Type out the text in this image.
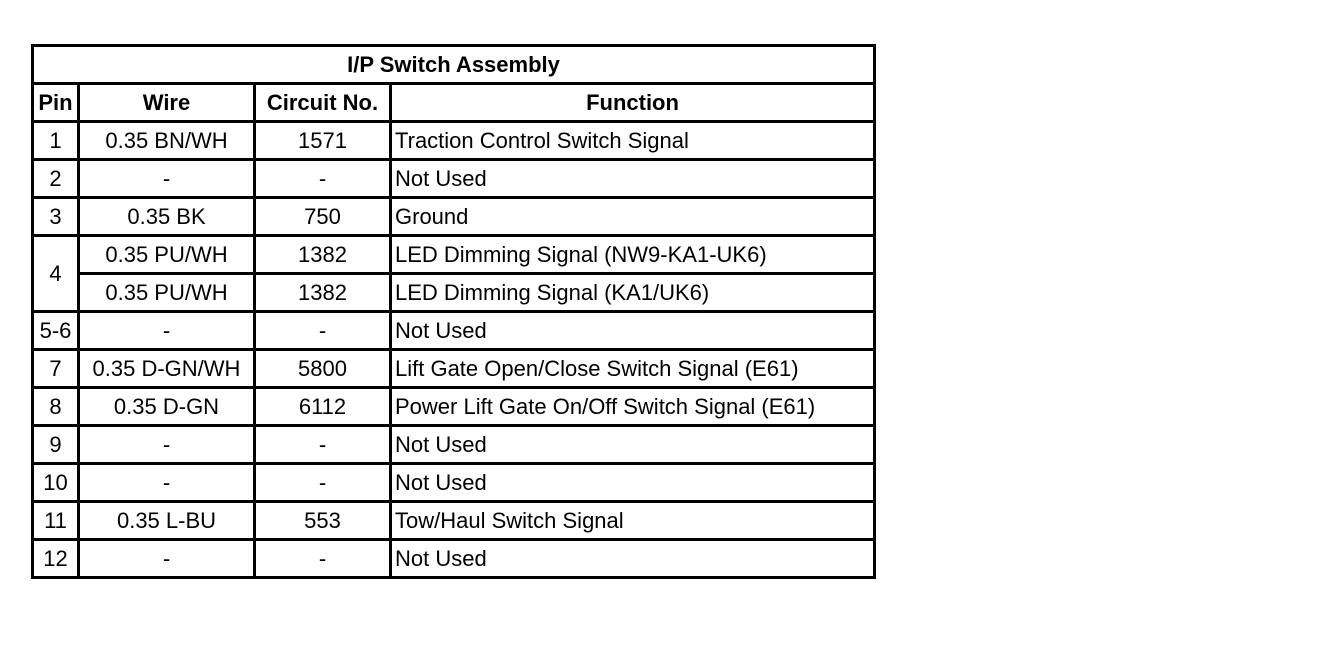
I/P Switch Assembly			
Pin	Wire	Circuit No.	Function
1	0.35 BN/WH	1571	Traction Control Switch Signal
2	-	-	Not Used
3	0.35 BK	750	Ground
4	0.35 PU/WH	1382	LED Dimming Signal (NW9-KA1-UK6)
	0.35 PU/WH	1382	LED Dimming Signal (KA1/UK6)
5-6	-	-	Not Used
7	0.35 D-GN/WH	5800	Lift Gate Open/Close Switch Signal (E61)
8	0.35 D-GN	6112	Power Lift Gate On/Off Switch Signal (E61)
9	-	-	Not Used
10	-	-	Not Used
11	0.35 L-BU	553	Tow/Haul Switch Signal
12	-	-	Not Used
